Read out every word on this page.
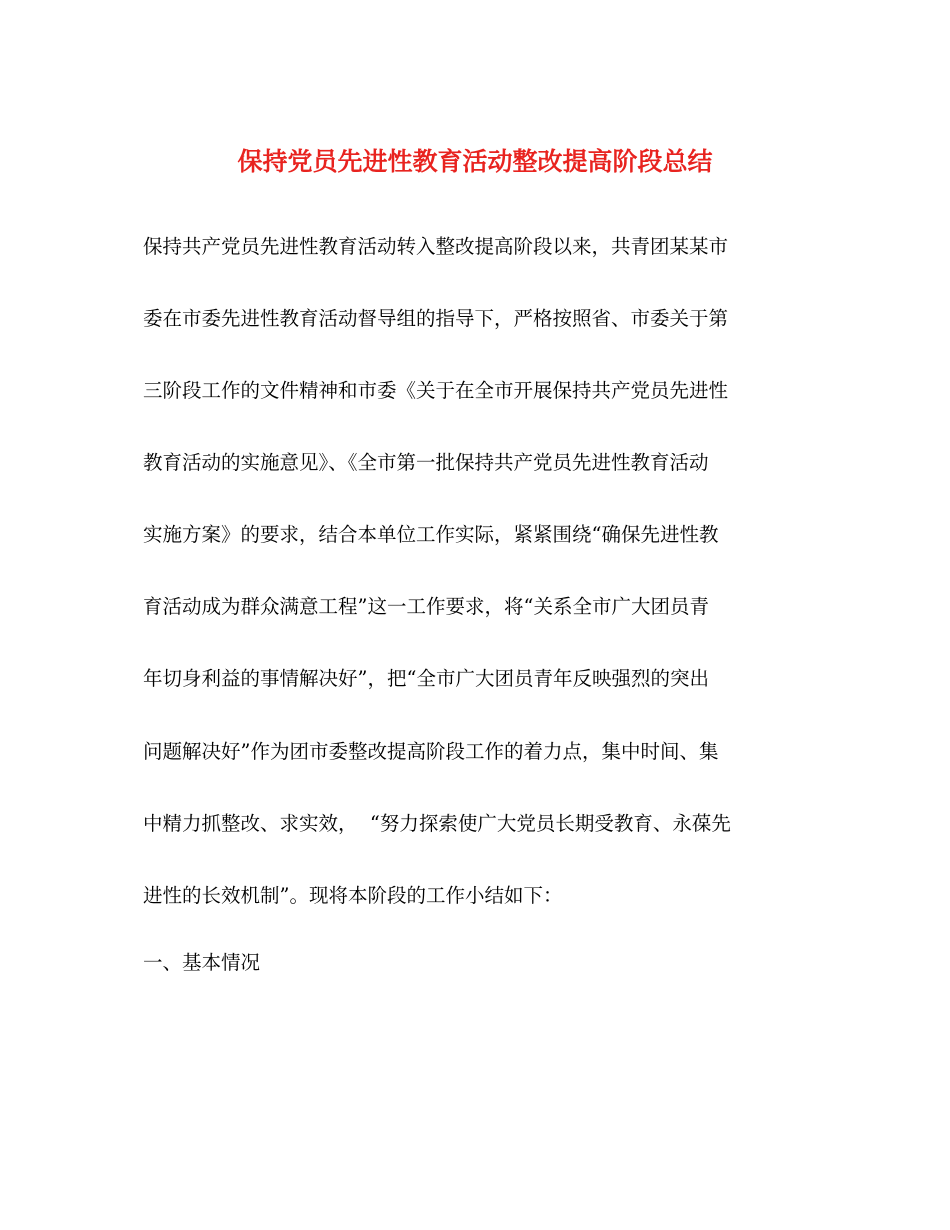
保持党员先进性教育活动整改提高阶段总结
保持共产党员先进性教育活动转入整改提高阶段以来，共青团某某市
委在市委先进性教育活动督导组的指导下，严格按照省、市委关于第
三阶段工作的文件精神和市委《关于在全市开展保持共产党员先进性
教育活动的实施意见》、《全市第一批保持共产党员先进性教育活动
实施方案》的要求，结合本单位工作实际，紧紧围绕“确保先进性教
育活动成为群众满意工程”这一工作要求，将“关系全市广大团员青
年切身利益的事情解决好”，把“全市广大团员青年反映强烈的突出
问题解决好”作为团市委整改提高阶段工作的着力点，集中时间、集
中精力抓整改、求实效，  “努力探索使广大党员长期受教育、永葆先
进性的长效机制”。现将本阶段的工作小结如下：
一、基本情况
